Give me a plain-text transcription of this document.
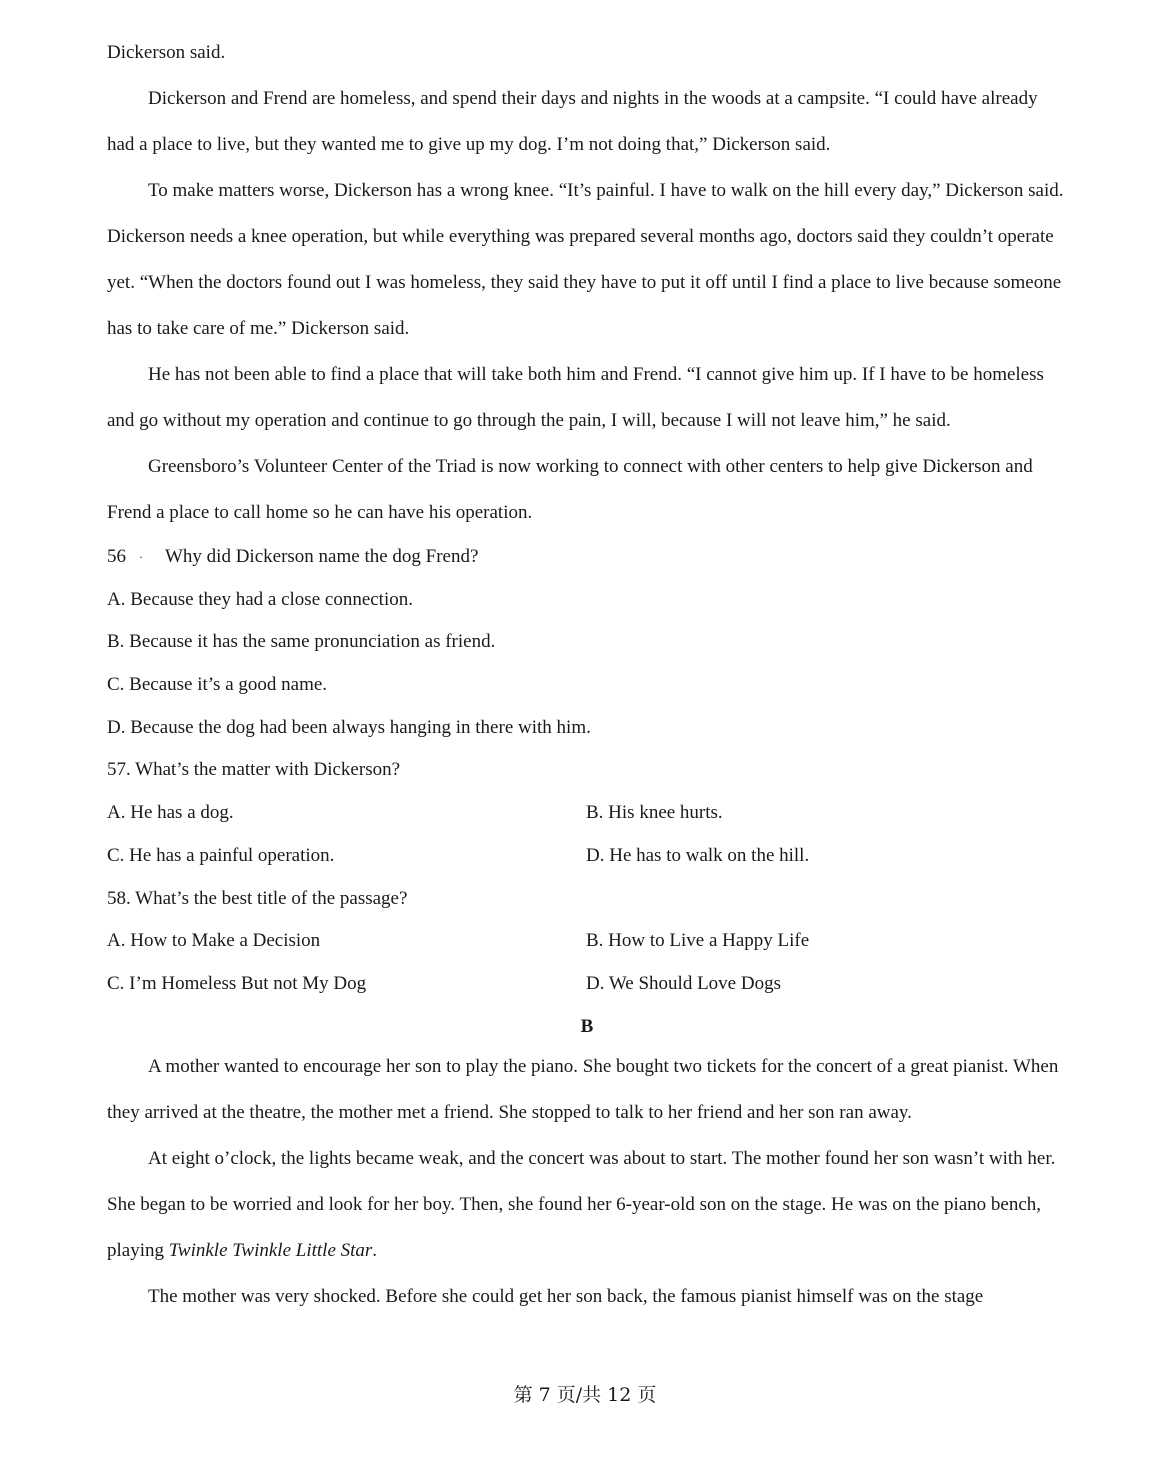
Dickerson said.

Dickerson and Frend are homeless, and spend their days and nights in the woods at a campsite. “I could have already had a place to live, but they wanted me to give up my dog. I’m not doing that,” Dickerson said.

To make matters worse, Dickerson has a wrong knee. “It’s painful. I have to walk on the hill every day,” Dickerson said. Dickerson needs a knee operation, but while everything was prepared several months ago, doctors said they couldn’t operate yet. “When the doctors found out I was homeless, they said they have to put it off until I find a place to live because someone has to take care of me.” Dickerson said.

He has not been able to find a place that will take both him and Frend. “I cannot give him up. If I have to be homeless and go without my operation and continue to go through the pain, I will, because I will not leave him,” he said.

Greensboro’s Volunteer Center of the Triad is now working to connect with other centers to help give Dickerson and Frend a place to call home so he can have his operation.

56 · Why did Dickerson name the dog Frend?
A. Because they had a close connection.
B. Because it has the same pronunciation as friend.
C. Because it’s a good name.
D. Because the dog had been always hanging in there with him.
57. What’s the matter with Dickerson?
A. He has a dog.	B. His knee hurts.
C. He has a painful operation.	D. He has to walk on the hill.
58. What’s the best title of the passage?
A. How to Make a Decision	B. How to Live a Happy Life
C. I’m Homeless But not My Dog	D. We Should Love Dogs
B

A mother wanted to encourage her son to play the piano. She bought two tickets for the concert of a great pianist. When they arrived at the theatre, the mother met a friend. She stopped to talk to her friend and her son ran away.

At eight o’clock, the lights became weak, and the concert was about to start. The mother found her son wasn’t with her. She began to be worried and look for her boy. Then, she found her 6-year-old son on the stage. He was on the piano bench, playing Twinkle Twinkle Little Star.

The mother was very shocked. Before she could get her son back, the famous pianist himself was on the stage

第 7 页/共 12 页
